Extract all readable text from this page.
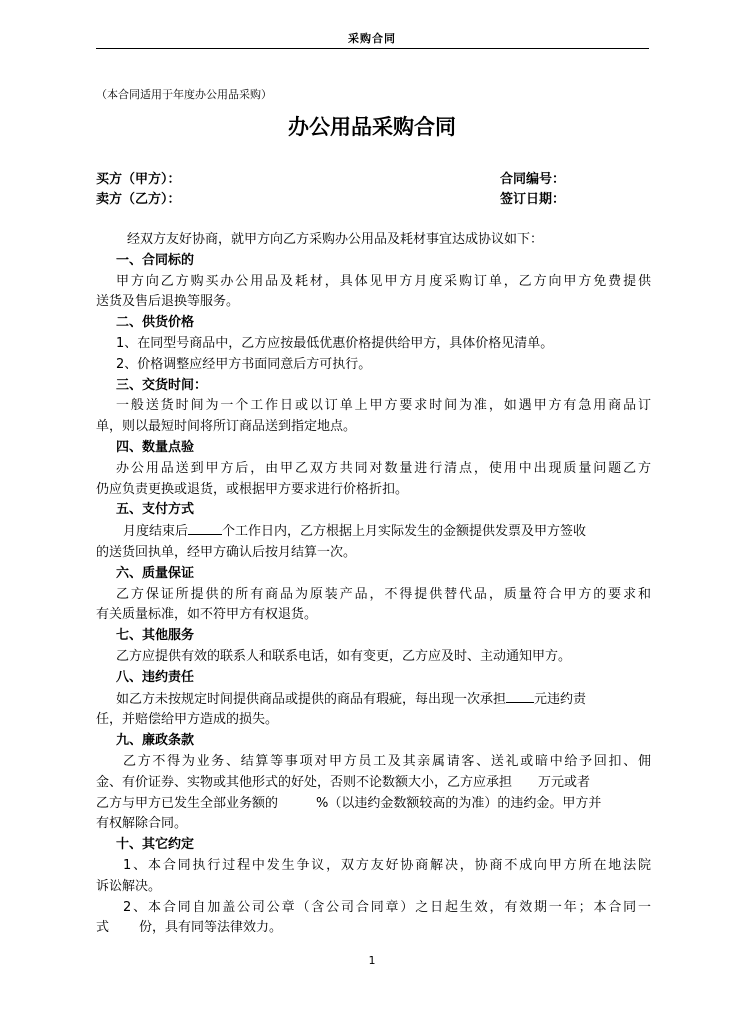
采购合同
（本合同适用于年度办公用品采购）
办公用品采购合同
买方（甲方）：
卖方（乙方）：
合同编号：
签订日期：
经双方友好协商，就甲方向乙方采购办公用品及耗材事宜达成协议如下：
一、合同标的
甲方向乙方购买办公用品及耗材，具体见甲方月度采购订单，乙方向甲方免费提供
送货及售后退换等服务。
二、供货价格
1、在同型号商品中，乙方应按最低优惠价格提供给甲方，具体价格见清单。
2、价格调整应经甲方书面同意后方可执行。
三、交货时间：
一般送货时间为一个工作日或以订单上甲方要求时间为准，如遇甲方有急用商品订
单，则以最短时间将所订商品送到指定地点。
四、数量点验
办公用品送到甲方后，由甲乙双方共同对数量进行清点，使用中出现质量问题乙方
仍应负责更换或退货，或根据甲方要求进行价格折扣。
五、支付方式
月度结束后	个工作日内，乙方根据上月实际发生的金额提供发票及甲方签收
的送货回执单，经甲方确认后按月结算一次。
六、质量保证
乙方保证所提供的所有商品为原装产品，不得提供替代品，质量符合甲方的要求和
有关质量标准，如不符甲方有权退货。
七、其他服务
乙方应提供有效的联系人和联系电话，如有变更，乙方应及时、主动通知甲方。
八、违约责任
如乙方未按规定时间提供商品或提供的商品有瑕疵，每出现一次承担 元违约责
任，并赔偿给甲方造成的损失。
九、廉政条款
乙方不得为业务、结算等事项对甲方员工及其亲属请客、送礼或暗中给予回扣、佣
金、有价证券、实物或其他形式的好处，否则不论数额大小，乙方应承担 万元或者
乙方与甲方已发生全部业务额的	%（以违约金数额较高的为准）的违约金。甲方并
有权解除合同。
十、其它约定
1、本合同执行过程中发生争议，双方友好协商解决，协商不成向甲方所在地法院
诉讼解决。
2、本合同自加盖公司公章（含公司合同章）之日起生效，有效期一年；本合同一
式 份，具有同等法律效力。
1
